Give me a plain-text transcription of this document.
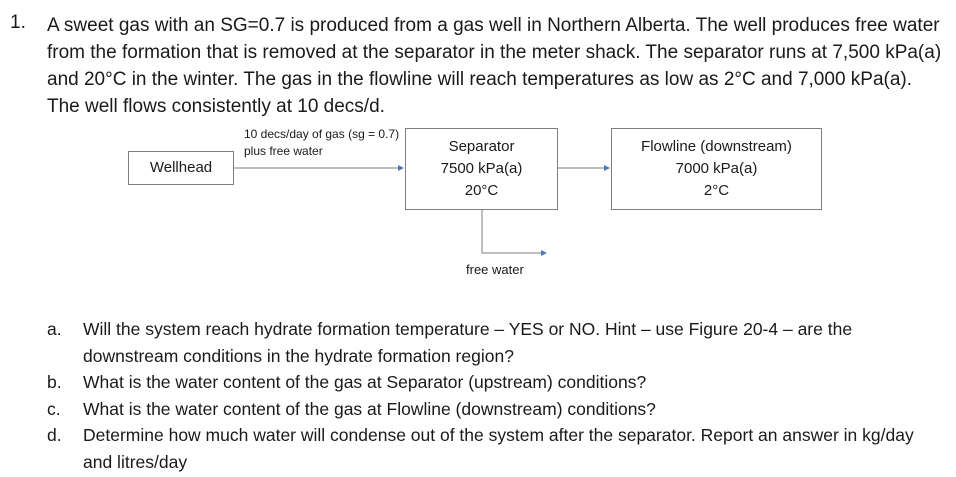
1. A sweet gas with an SG=0.7 is produced from a gas well in Northern Alberta. The well produces free water from the formation that is removed at the separator in the meter shack. The separator runs at 7,500 kPa(a) and 20°C in the winter. The gas in the flowline will reach temperatures as low as 2°C and 7,000 kPa(a). The well flows consistently at 10 decs/d.
Wellhead
10 decs/day of gas (sg = 0.7) plus free water	Separator
7500 kPa(a)
20°C
Flowline (downstream)
7000 kPa(a)
2°C
free water
a. Will the system reach hydrate formation temperature – YES or NO. Hint – use Figure 20-4 – are the downstream conditions in the hydrate formation region?
b. What is the water content of the gas at Separator (upstream) conditions?
c. What is the water content of the gas at Flowline (downstream) conditions?
d. Determine how much water will condense out of the system after the separator. Report an answer in kg/day and litres/day
